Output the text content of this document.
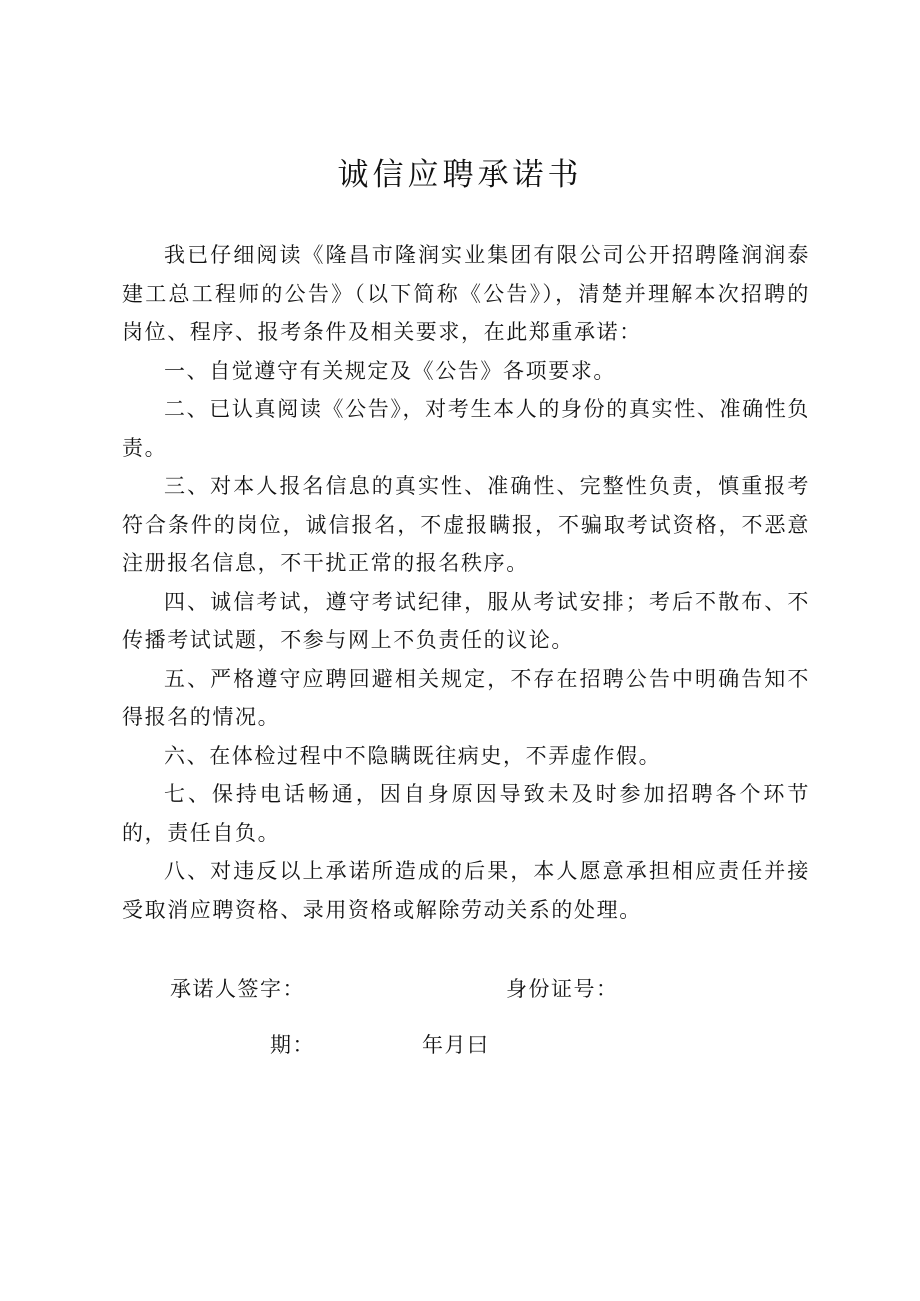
诚信应聘承诺书

我已仔细阅读《隆昌市隆润实业集团有限公司公开招聘隆润润泰建工总工程师的公告》（以下简称《公告》），清楚并理解本次招聘的岗位、程序、报考条件及相关要求，在此郑重承诺：

一、自觉遵守有关规定及《公告》各项要求。

二、已认真阅读《公告》，对考生本人的身份的真实性、准确性负责。

三、对本人报名信息的真实性、准确性、完整性负责，慎重报考符合条件的岗位，诚信报名，不虚报瞒报，不骗取考试资格，不恶意注册报名信息，不干扰正常的报名秩序。

四、诚信考试，遵守考试纪律，服从考试安排；考后不散布、不传播考试试题，不参与网上不负责任的议论。

五、严格遵守应聘回避相关规定，不存在招聘公告中明确告知不得报名的情况。

六、在体检过程中不隐瞒既往病史，不弄虚作假。

七、保持电话畅通，因自身原因导致未及时参加招聘各个环节的，责任自负。

八、对违反以上承诺所造成的后果，本人愿意承担相应责任并接受取消应聘资格、录用资格或解除劳动关系的处理。

承诺人签字：	身份证号：
期：	年月曰
